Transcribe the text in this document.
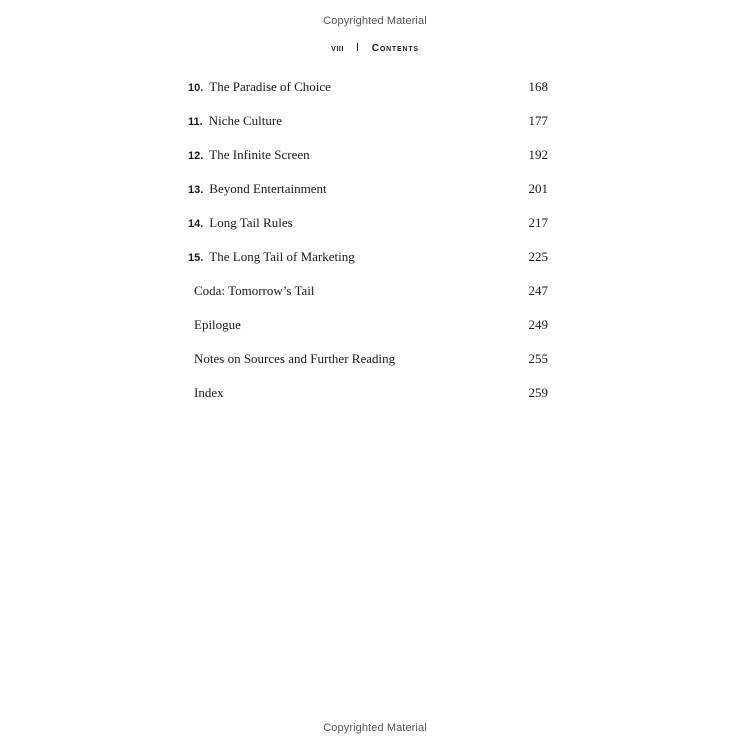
Copyrighted Material
viii	Contents
10. The Paradise of Choice	168
11. Niche Culture	177
12. The Infinite Screen	192
13. Beyond Entertainment	201
14. Long Tail Rules	217
15. The Long Tail of Marketing	225
Coda: Tomorrow’s Tail	247
Epilogue	249
Notes on Sources and Further Reading	255
Index	259
Copyrighted Material
